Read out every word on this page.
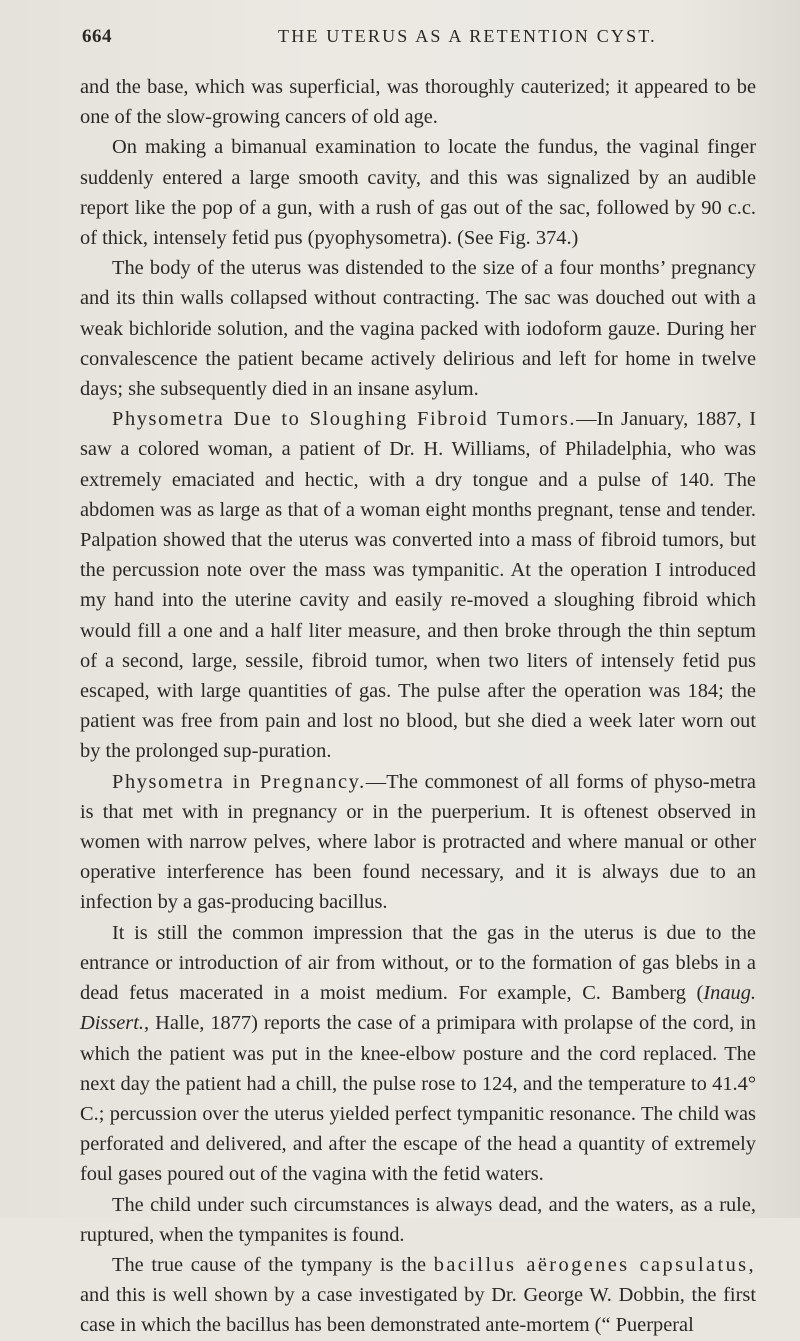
664	THE UTERUS AS A RETENTION CYST.

and the base, which was superficial, was thoroughly cauterized; it appeared to be one of the slow-growing cancers of old age.

On making a bimanual examination to locate the fundus, the vaginal finger suddenly entered a large smooth cavity, and this was signalized by an audible report like the pop of a gun, with a rush of gas out of the sac, followed by 90 c.c. of thick, intensely fetid pus (pyophysometra). (See Fig. 374.)

The body of the uterus was distended to the size of a four months’ pregnancy and its thin walls collapsed without contracting. The sac was douched out with a weak bichloride solution, and the vagina packed with iodoform gauze. During her convalescence the patient became actively delirious and left for home in twelve days; she subsequently died in an insane asylum.

Physometra Due to Sloughing Fibroid Tumors.—In January, 1887, I saw a colored woman, a patient of Dr. H. Williams, of Philadelphia, who was extremely emaciated and hectic, with a dry tongue and a pulse of 140. The abdomen was as large as that of a woman eight months pregnant, tense and tender. Palpation showed that the uterus was converted into a mass of fibroid tumors, but the percussion note over the mass was tympanitic. At the operation I introduced my hand into the uterine cavity and easily re-moved a sloughing fibroid which would fill a one and a half liter measure, and then broke through the thin septum of a second, large, sessile, fibroid tumor, when two liters of intensely fetid pus escaped, with large quantities of gas. The pulse after the operation was 184; the patient was free from pain and lost no blood, but she died a week later worn out by the prolonged sup-puration.

Physometra in Pregnancy.—The commonest of all forms of physo-metra is that met with in pregnancy or in the puerperium. It is oftenest observed in women with narrow pelves, where labor is protracted and where manual or other operative interference has been found necessary, and it is always due to an infection by a gas-producing bacillus.

It is still the common impression that the gas in the uterus is due to the entrance or introduction of air from without, or to the formation of gas blebs in a dead fetus macerated in a moist medium. For example, C. Bamberg (Inaug. Dissert., Halle, 1877) reports the case of a primipara with prolapse of the cord, in which the patient was put in the knee-elbow posture and the cord replaced. The next day the patient had a chill, the pulse rose to 124, and the temperature to 41.4° C.; percussion over the uterus yielded perfect tympanitic resonance. The child was perforated and delivered, and after the escape of the head a quantity of extremely foul gases poured out of the vagina with the fetid waters.

The child under such circumstances is always dead, and the waters, as a rule, ruptured, when the tympanites is found.

The true cause of the tympany is the bacillus aërogenes capsulatus, and this is well shown by a case investigated by Dr. George W. Dobbin, the first case in which the bacillus has been demonstrated ante-mortem (“ Puerperal
